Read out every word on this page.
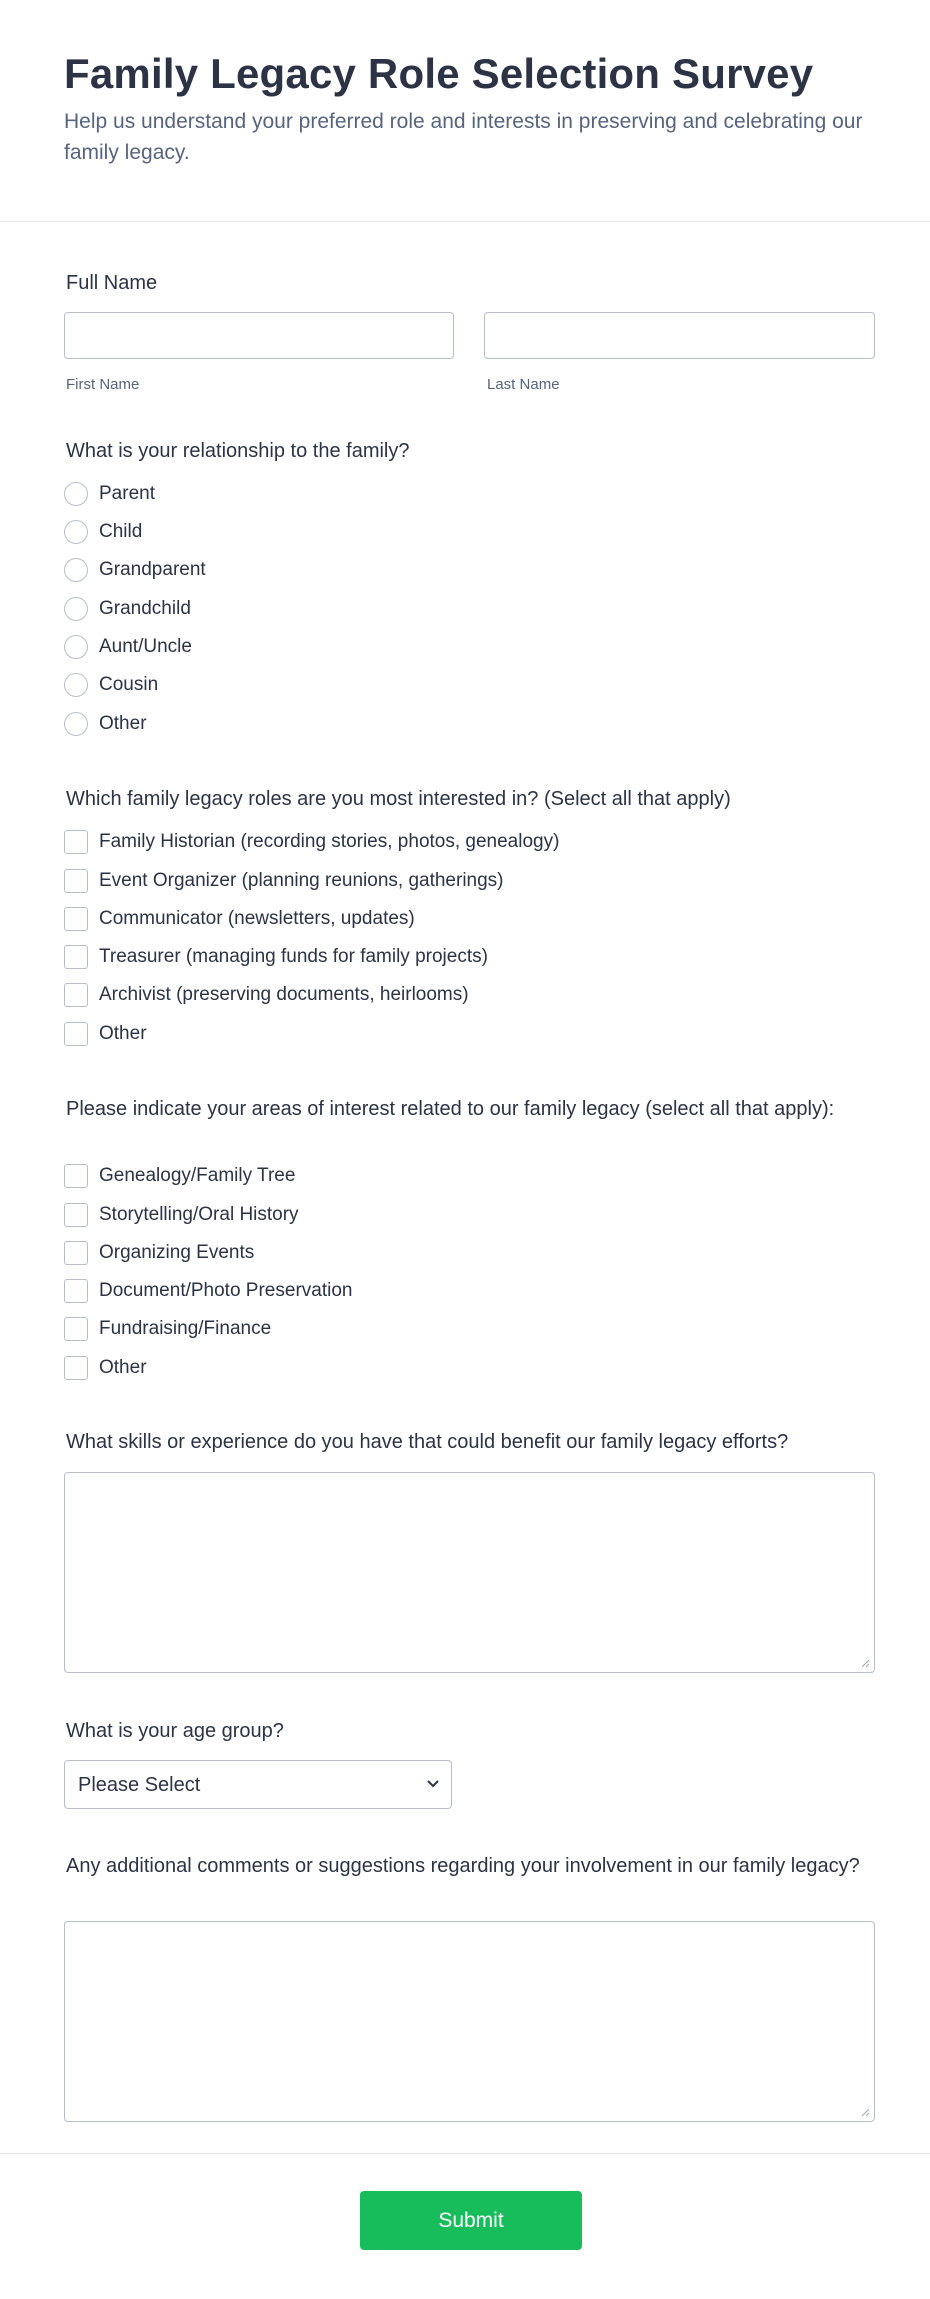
Family Legacy Role Selection Survey

Help us understand your preferred role and interests in preserving and celebrating our family legacy.

Full Name
First Name	Last Name
What is your relationship to the family?
Parent
Child
Grandparent
Grandchild
Aunt/Uncle
Cousin
Other
Which family legacy roles are you most interested in? (Select all that apply)
Family Historian (recording stories, photos, genealogy)
Event Organizer (planning reunions, gatherings)
Communicator (newsletters, updates)
Treasurer (managing funds for family projects)
Archivist (preserving documents, heirlooms)
Other
Please indicate your areas of interest related to our family legacy (select all that apply):
Genealogy/Family Tree
Storytelling/Oral History
Organizing Events
Document/Photo Preservation
Fundraising/Finance
Other
What skills or experience do you have that could benefit our family legacy efforts?
What is your age group?
Please Select
Any additional comments or suggestions regarding your involvement in our family legacy?
Submit
